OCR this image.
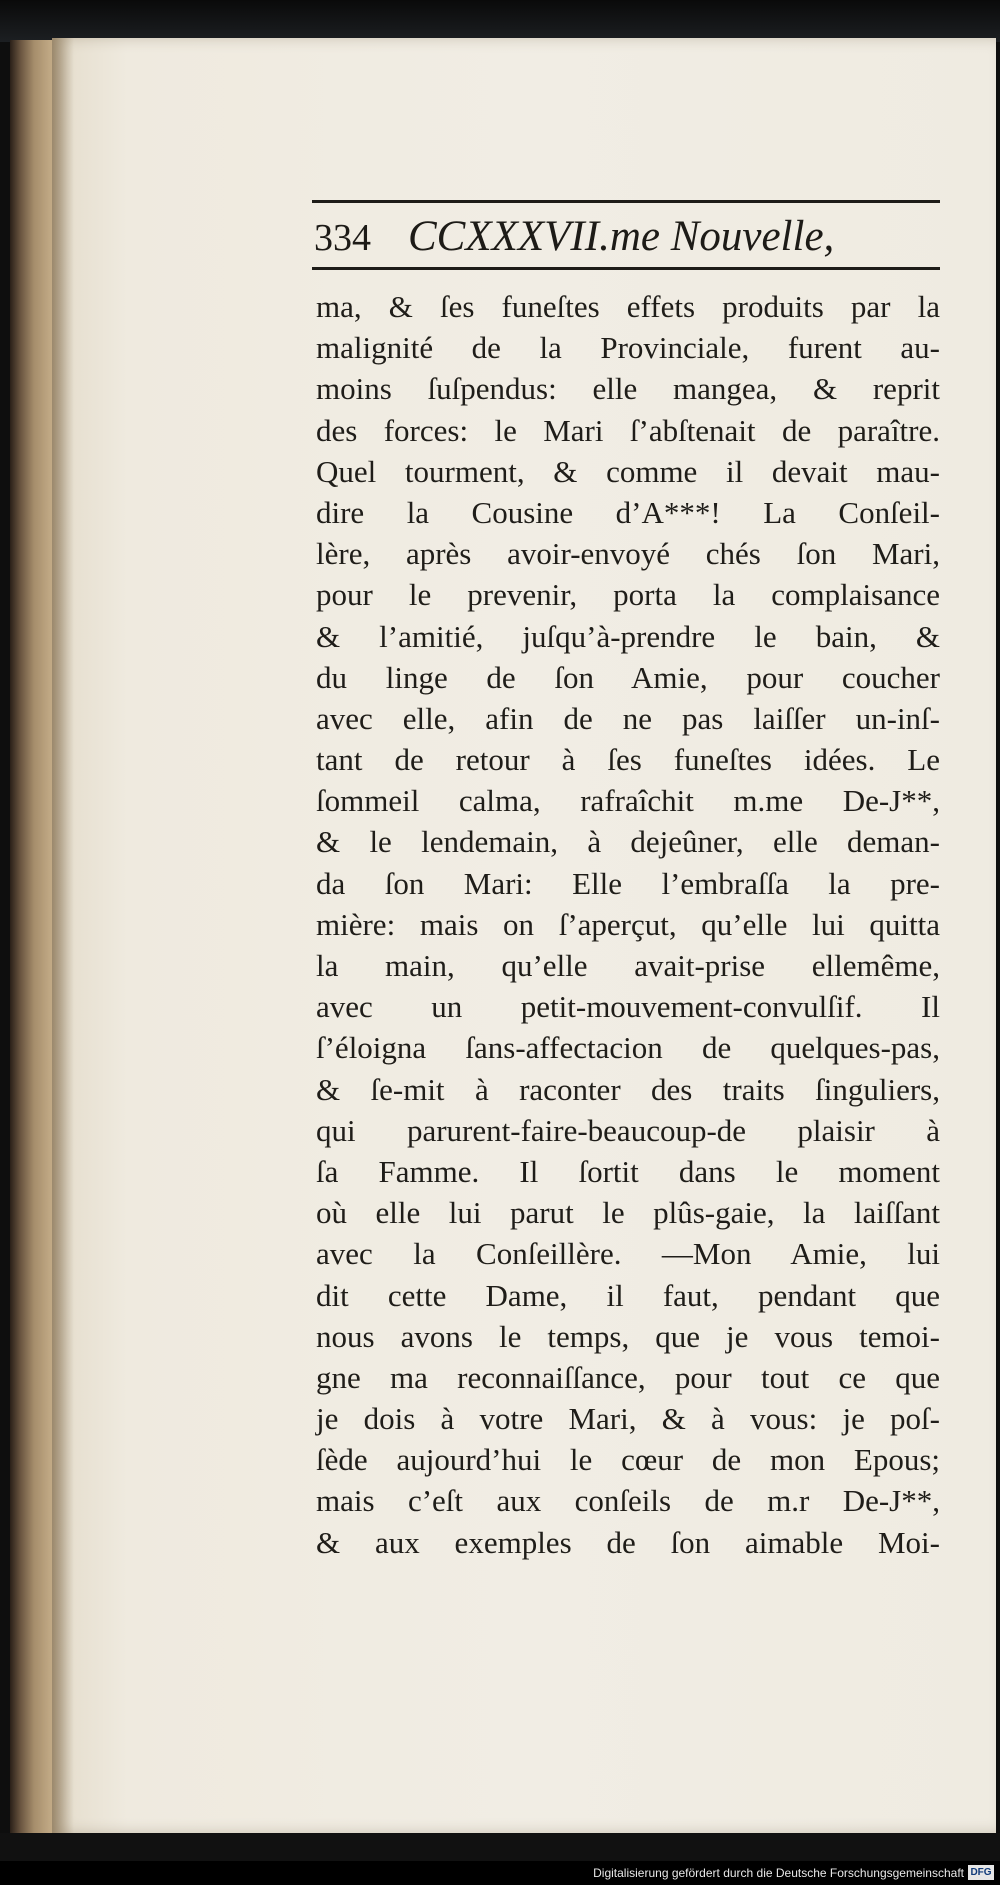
334 CCXXXVII.me Nouvelle,
ma, & ſes funeſtes effets produits par la
malignité de la Provinciale, furent au-
moins ſuſpendus: elle mangea, & reprit
des forces: le Mari ſ’abſtenait de paraître.
Quel tourment, & comme il devait mau-
dire la Cousine d’A***! La Conſeil-
lère, après avoir-envoyé chés ſon Mari,
pour le prevenir, porta la complaisance
& l’amitié, juſqu’à-prendre le bain, &
du linge de ſon Amie, pour coucher
avec elle, afin de ne pas laiſſer un-inſ-
tant de retour à ſes funeſtes idées. Le
ſommeil calma, rafraîchit m.me De-J**,
& le lendemain, à dejeûner, elle deman-
da ſon Mari: Elle l’embraſſa la pre-
mière: mais on ſ’aperçut, qu’elle lui quitta
la main, qu’elle avait-prise ellemême,
avec un petit-mouvement-convulſif. Il
ſ’éloigna ſans-affectacion de quelques-pas,
& ſe-mit à raconter des traits ſinguliers,
qui parurent-faire-beaucoup-de plaisir à
ſa Famme. Il ſortit dans le moment
où elle lui parut le plûs-gaie, la laiſſant
avec la Conſeillère. —Mon Amie, lui
dit cette Dame, il faut, pendant que
nous avons le temps, que je vous temoi-
gne ma reconnaiſſance, pour tout ce que
je dois à votre Mari, & à vous: je poſ-
ſède aujourd’hui le cœur de mon Epous;
mais c’eſt aux conſeils de m.r De-J**,
& aux exemples de ſon aimable Moi-
Digitalisierung gefördert durch die Deutsche Forschungsgemeinschaft DFG
